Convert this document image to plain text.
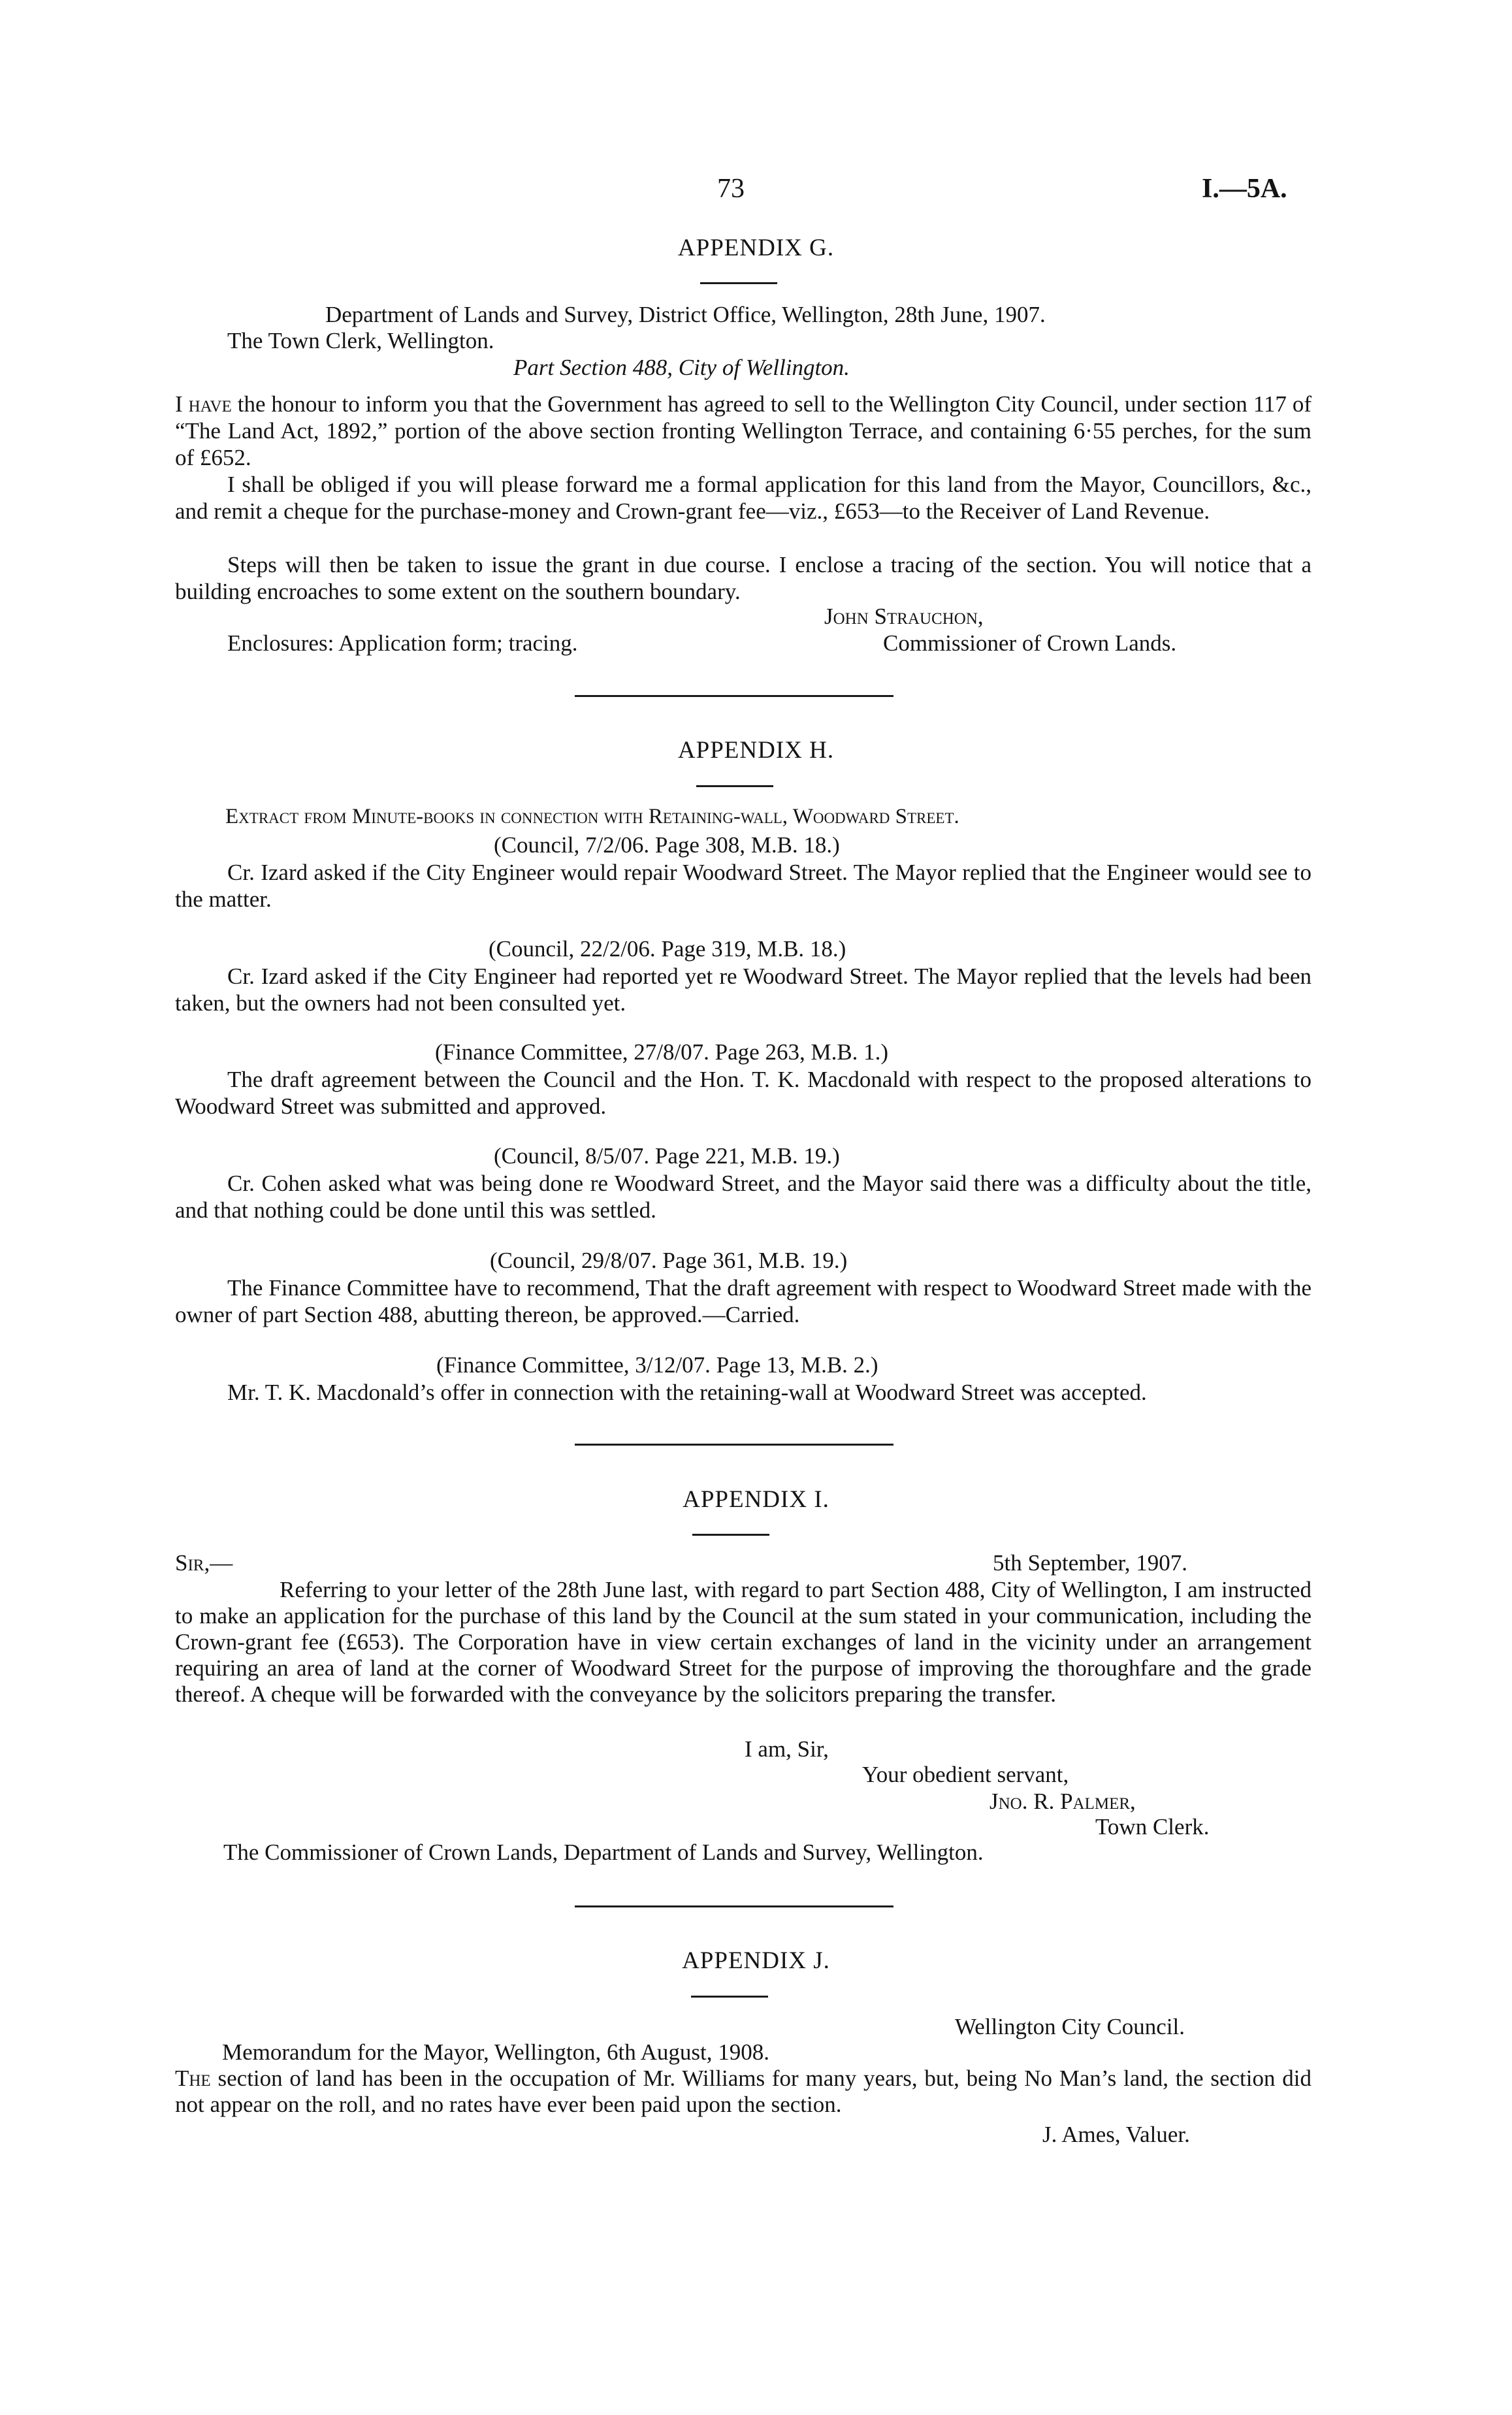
73	I.—5A.
APPENDIX G.
Department of Lands and Survey, District Office, Wellington, 28th June, 1907.
The Town Clerk, Wellington.
Part Section 488, City of Wellington.
I have the honour to inform you that the Government has agreed to sell to the Wellington City Council, under section 117 of “The Land Act, 1892,” portion of the above section fronting Wellington Terrace, and containing 6·55 perches, for the sum of £652.
I shall be obliged if you will please forward me a formal application for this land from the Mayor, Councillors, &c., and remit a cheque for the purchase-money and Crown-grant fee—viz., £653—to the Receiver of Land Revenue.
Steps will then be taken to issue the grant in due course. I enclose a tracing of the section. You will notice that a building encroaches to some extent on the southern boundary.
John Strauchon,
Enclosures: Application form; tracing.	Commissioner of Crown Lands.
APPENDIX H.
Extract from Minute-books in connection with Retaining-wall, Woodward Street.
(Council, 7/2/06. Page 308, M.B. 18.)
Cr. Izard asked if the City Engineer would repair Woodward Street. The Mayor replied that the Engineer would see to the matter.
(Council, 22/2/06. Page 319, M.B. 18.)
Cr. Izard asked if the City Engineer had reported yet re Woodward Street. The Mayor replied that the levels had been taken, but the owners had not been consulted yet.
(Finance Committee, 27/8/07. Page 263, M.B. 1.)
The draft agreement between the Council and the Hon. T. K. Macdonald with respect to the proposed alterations to Woodward Street was submitted and approved.
(Council, 8/5/07. Page 221, M.B. 19.)
Cr. Cohen asked what was being done re Woodward Street, and the Mayor said there was a difficulty about the title, and that nothing could be done until this was settled.
(Council, 29/8/07. Page 361, M.B. 19.)
The Finance Committee have to recommend, That the draft agreement with respect to Woodward Street made with the owner of part Section 488, abutting thereon, be approved.—Carried.
(Finance Committee, 3/12/07. Page 13, M.B. 2.)
Mr. T. K. Macdonald’s offer in connection with the retaining-wall at Woodward Street was accepted.
APPENDIX I.
Sir,—	5th September, 1907.
Referring to your letter of the 28th June last, with regard to part Section 488, City of Wellington, I am instructed to make an application for the purchase of this land by the Council at the sum stated in your communication, including the Crown-grant fee (£653). The Corporation have in view certain exchanges of land in the vicinity under an arrangement requiring an area of land at the corner of Woodward Street for the purpose of improving the thoroughfare and the grade thereof. A cheque will be forwarded with the conveyance by the solicitors preparing the transfer.
I am, Sir,
Your obedient servant,
Jno. R. Palmer,
Town Clerk.
The Commissioner of Crown Lands, Department of Lands and Survey, Wellington.
APPENDIX J.
Wellington City Council.
Memorandum for the Mayor, Wellington, 6th August, 1908.
The section of land has been in the occupation of Mr. Williams for many years, but, being No Man’s land, the section did not appear on the roll, and no rates have ever been paid upon the section.
J. Ames, Valuer.
